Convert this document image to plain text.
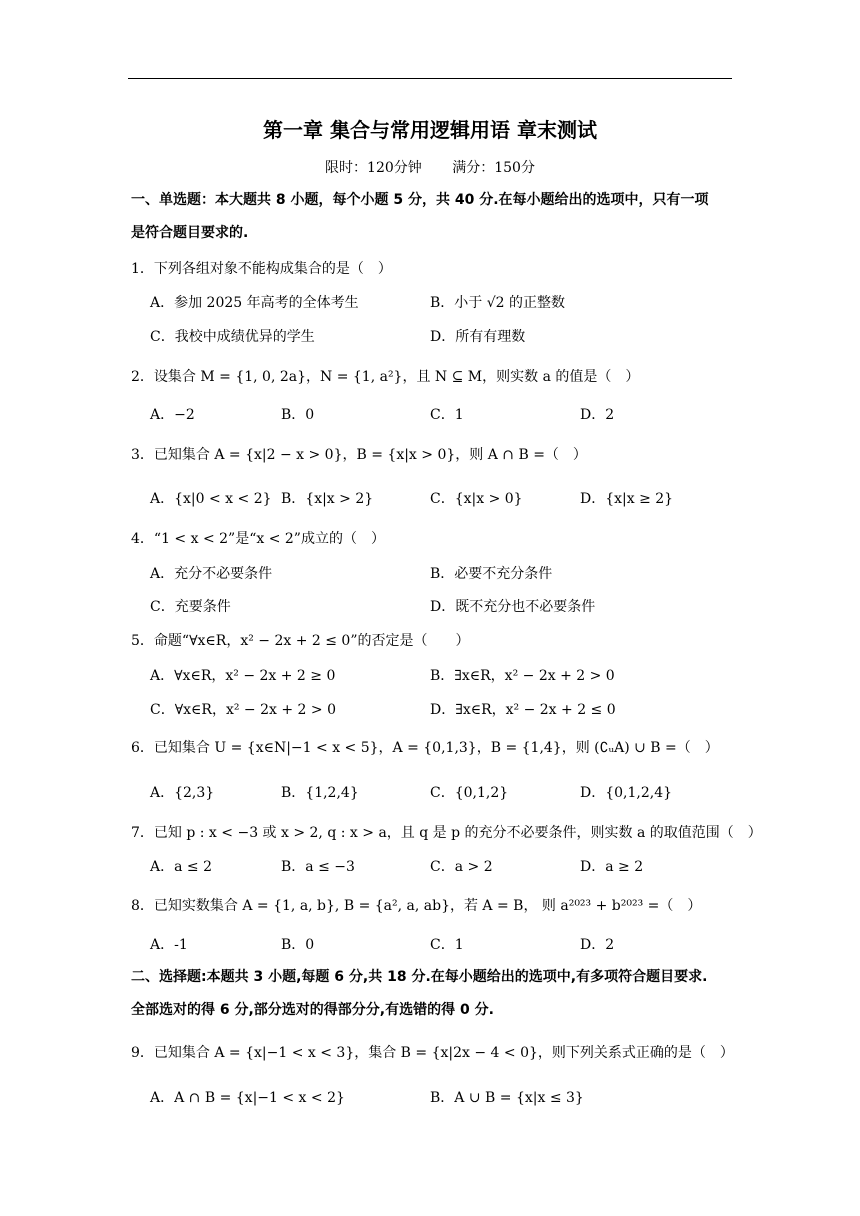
第一章 集合与常用逻辑用语 章末测试
限时：120分钟 满分：150分
一、单选题：本大题共 8 小题，每个小题 5 分，共 40 分.在每小题给出的选项中，只有一项
是符合题目要求的.
1．下列各组对象不能构成集合的是（　）
A．参加 2025 年高考的全体考生	B．小于 √2 的正整数
C．我校中成绩优异的学生	D．所有有理数
2．设集合 M = {1, 0, 2a}，N = {1, a²}，且 N ⊆ M，则实数 a 的值是（　）
A．−2	B．0	C．1	D．2
3．已知集合 A = {x|2 − x > 0}，B = {x|x > 0}，则 A ∩ B =（　）
A．{x|0 < x < 2} B．{x|x > 2}	C．{x|x > 0}	D．{x|x ≥ 2}
4．“1 < x < 2”是“x < 2”成立的（　）
A．充分不必要条件	B．必要不充分条件
C．充要条件	D．既不充分也不必要条件
5．命题“∀x∈R，x² − 2x + 2 ≤ 0”的否定是（　　）
A．∀x∈R，x² − 2x + 2 ≥ 0	B．∃x∈R，x² − 2x + 2 > 0
C．∀x∈R，x² − 2x + 2 > 0	D．∃x∈R，x² − 2x + 2 ≤ 0
6．已知集合 U = {x∈N|−1 < x < 5}，A = {0,1,3}，B = {1,4}，则 (∁ᵤA) ∪ B =（　）
A．{2,3}	B．{1,2,4}	C．{0,1,2}	D．{0,1,2,4}
7．已知 p : x < −3 或 x > 2, q : x > a，且 q 是 p 的充分不必要条件，则实数 a 的取值范围（　）
A．a ≤ 2	B．a ≤ −3	C．a > 2	D．a ≥ 2
8．已知实数集合 A = {1, a, b}, B = {a², a, ab}，若 A = B， 则 a²⁰²³ + b²⁰²³ =（　）
A．-1	B．0	C．1	D．2
二、选择题:本题共 3 小题,每题 6 分,共 18 分.在每小题给出的选项中,有多项符合题目要求.
全部选对的得 6 分,部分选对的得部分分,有选错的得 0 分.
9．已知集合 A = {x|−1 < x < 3}，集合 B = {x|2x − 4 < 0}，则下列关系式正确的是（　）
A．A ∩ B = {x|−1 < x < 2}	B．A ∪ B = {x|x ≤ 3}
